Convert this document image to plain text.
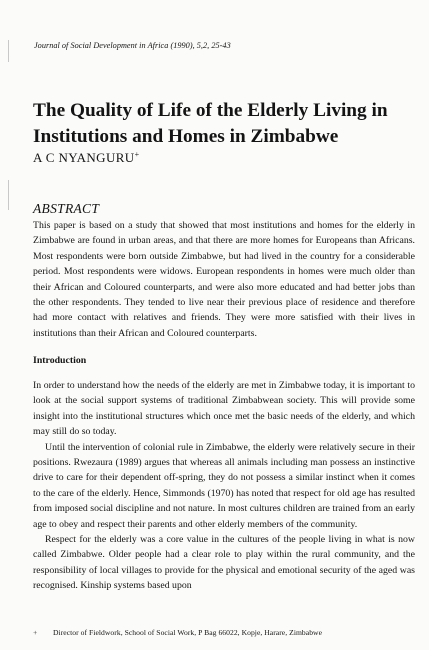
Journal of Social Development in Africa (1990), 5,2, 25-43
The Quality of Life of the Elderly Living in Institutions and Homes in Zimbabwe
A C NYANGURU+
ABSTRACT

This paper is based on a study that showed that most institutions and homes for the elderly in Zimbabwe are found in urban areas, and that there are more homes for Europeans than Africans. Most respondents were born outside Zimbabwe, but had lived in the country for a considerable period. Most respondents were widows. European respondents in homes were much older than their African and Coloured counterparts, and were also more educated and had better jobs than the other respondents. They tended to live near their previous place of residence and therefore had more contact with relatives and friends. They were more satisfied with their lives in institutions than their African and Coloured counterparts.

Introduction

In order to understand how the needs of the elderly are met in Zimbabwe today, it is important to look at the social support systems of traditional Zimbabwean society. This will provide some insight into the institutional structures which once met the basic needs of the elderly, and which may still do so today.

Until the intervention of colonial rule in Zimbabwe, the elderly were relatively secure in their positions. Rwezaura (1989) argues that whereas all animals including man possess an instinctive drive to care for their dependent off-spring, they do not possess a similar instinct when it comes to the care of the elderly. Hence, Simmonds (1970) has noted that respect for old age has resulted from imposed social discipline and not nature. In most cultures children are trained from an early age to obey and respect their parents and other elderly members of the community.

Respect for the elderly was a core value in the cultures of the people living in what is now called Zimbabwe. Older people had a clear role to play within the rural community, and the responsibility of local villages to provide for the physical and emotional security of the aged was recognised. Kinship systems based upon

+ Director of Fieldwork, School of Social Work, P Bag 66022, Kopje, Harare, Zimbabwe
